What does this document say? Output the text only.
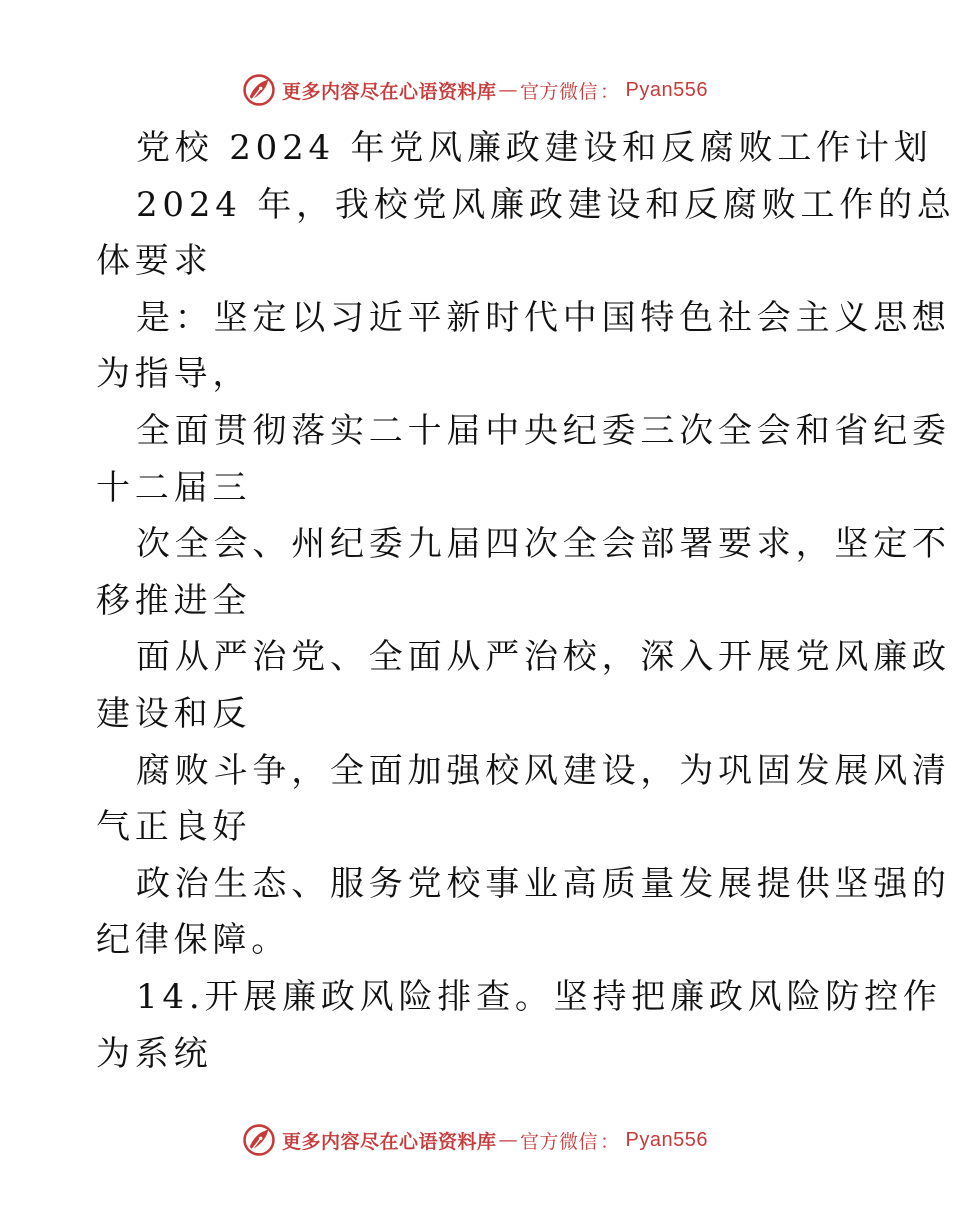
更多内容尽在心语资料库 — 官方微信 ： Pyan556
党校 2024 年党风廉政建设和反腐败工作计划
2024 年，我校党风廉政建设和反腐败工作的总
体要求
是：坚定以习近平新时代中国特色社会主义思想
为指导，
全面贯彻落实二十届中央纪委三次全会和省纪委
十二届三
次全会、州纪委九届四次全会部署要求，坚定不
移推进全
面从严治党、全面从严治校，深入开展党风廉政
建设和反
腐败斗争，全面加强校风建设，为巩固发展风清
气正良好
政治生态、服务党校事业高质量发展提供坚强的
纪律保障。
14.开展廉政风险排查。坚持把廉政风险防控作
为系统
更多内容尽在心语资料库 — 官方微信 ： Pyan556
